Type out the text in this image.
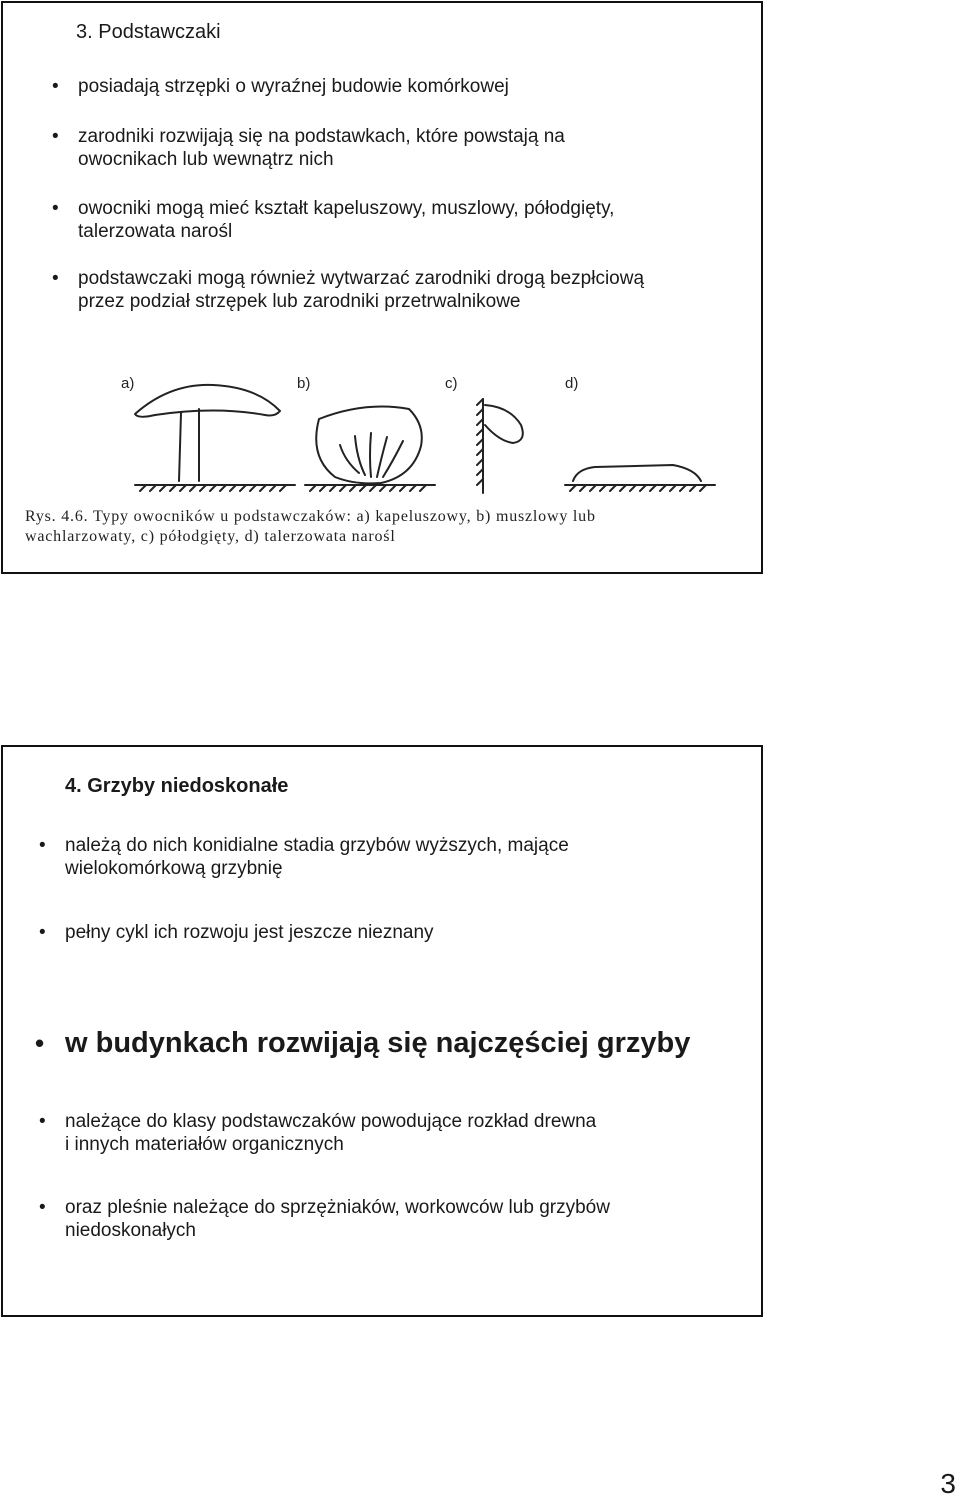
3. Podstawczaki
• posiadają strzępki o wyraźnej budowie komórkowej
• zarodniki rozwijają się na podstawkach, które powstają na
owocnikach lub wewnątrz nich
• owocniki mogą mieć kształt kapeluszowy, muszlowy, półodgięty,
talerzowata narośl
• podstawczaki mogą również wytwarzać zarodniki drogą bezpłciową
przez podział strzępek lub zarodniki przetrwalnikowe
a)	b)	c)	d)
Rys. 4.6. Typy owocników u podstawczaków: a) kapeluszowy, b) muszlowy lub
wachlarzowaty, c) półodgięty, d) talerzowata narośl
4. Grzyby niedoskonałe
• należą do nich konidialne stadia grzybów wyższych, mające
wielokomórkową grzybnię
• pełny cykl ich rozwoju jest jeszcze nieznany
• w budynkach rozwijają się najczęściej grzyby
• należące do klasy podstawczaków powodujące rozkład drewna
i innych materiałów organicznych
• oraz pleśnie należące do sprzężniaków, workowców lub grzybów
niedoskonałych
3
